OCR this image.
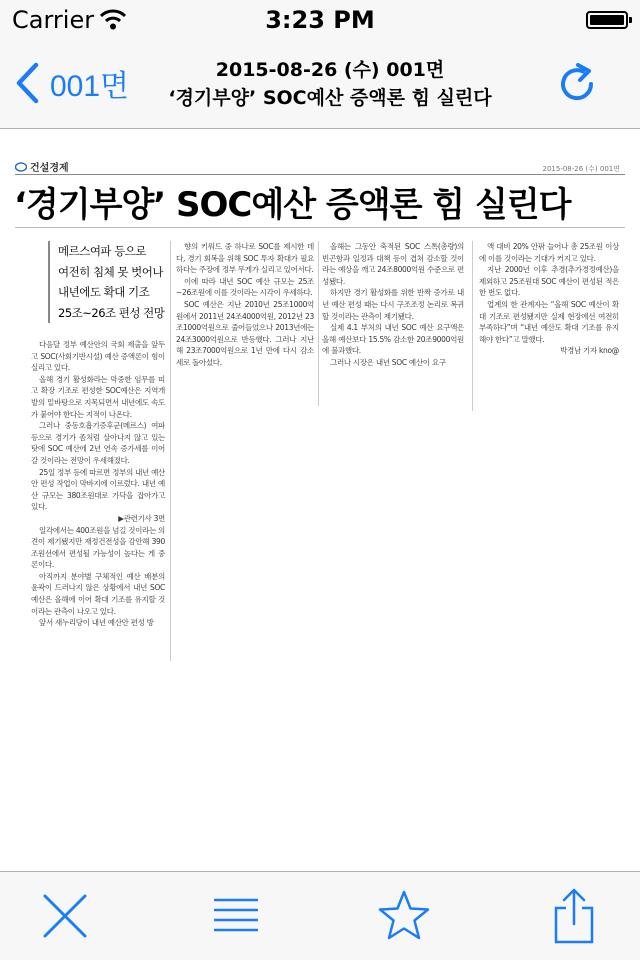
Carrier	3:23 PM
001면	2015-08-26 (수) 001면
‘경기부양’ SOC예산 증액론 힘 실린다
건설경제	2015-08-26 (수) 001면
‘경기부양’ SOC예산 증액론 힘 실린다
메르스여파 등으로
여전히 침체 못 벗어나
내년에도 확대 기조
25조~26조 편성 전망

다음달 정부 예산안의 국회 제출을 앞두고 SOC(사회기반시설) 예산 증액론이 힘이 실리고 있다.

올해 경기 활성화라는 막중한 임무를 띠고 확장 기조로 편성한 SOC예산은 지역개발의 밑바탕으로 지목되면서 내년에도 속도가 붙어야 한다는 지적이 나온다.

그러나 중동호흡기증후군(메르스) 여파 등으로 경기가 좀처럼 살아나지 않고 있는 탓에 SOC 예산에 2년 연속 증가세를 이어갈 것이라는 전망이 우세해졌다.

25일 정부 등에 따르면 정부의 내년 예산안 편성 작업이 막바지에 이르렀다. 내년 예산 규모는 380조원대로 가닥을 잡아가고 있다.

▶관련기사 3면

일각에서는 400조원을 넘길 것이라는 의견이 제기됐지만 재정건전성을 감안해 390조원선에서 편성될 가능성이 높다는 게 중론이다.

아직까지 분야별 구체적인 예산 배분의 윤곽이 드러나지 않은 상황에서 내년 SOC 예산은 올해에 이어 확대 기조를 유지할 것이라는 관측이 나오고 있다.

앞서 새누리당이 내년 예산안 편성 방

향의 키워드 중 하나로 SOC를 제시한 데다, 경기 회복을 위해 SOC 투자 확대가 필요하다는 주장에 정부 무게가 실리고 있어서다.

이에 따라 내년 SOC 예산 규모는 25조~26조원에 이를 것이라는 시각이 우세하다.

SOC 예산은 지난 2010년 25조1000억원에서 2011년 24조4000억원, 2012년 23조1000억원으로 줄어들었으나 2013년에는 24조3000억원으로 반등했다. 그러나 지난해 23조7000억원으로 1년 만에 다시 감소세로 돌아섰다.

올해는 그동안 축적된 SOC 스톡(총량)의 빈곤함과 일정과 대책 등이 겹쳐 감소할 것이라는 예상을 깨고 24조8000억원 수준으로 편성됐다.

하지만 경기 활성화를 위한 반짝 증가로 내년 예산 편성 때는 다시 구조조정 논리로 복귀할 것이라는 관측이 제기됐다.

실제 4.1 부처의 내년 SOC 예산 요구액은 올해 예산보다 15.5% 감소한 20조9000억원에 불과했다.

그러나 시장은 내년 SOC 예산이 요구

액 대비 20% 안팎 늘어나 총 25조원 이상에 이를 것이라는 기대가 커지고 있다.

지난 2000년 이후 추경(추가경정예산)을 제외하고 25조원대 SOC 예산이 편성된 적은 한 번도 없다.

업계의 한 관계자는 “올해 SOC 예산이 확대 기조로 편성됐지만 실제 현장에선 여전히 부족하다”며 “내년 예산도 확대 기조를 유지해야 한다”고 말했다.

박경남 기자 kno@
